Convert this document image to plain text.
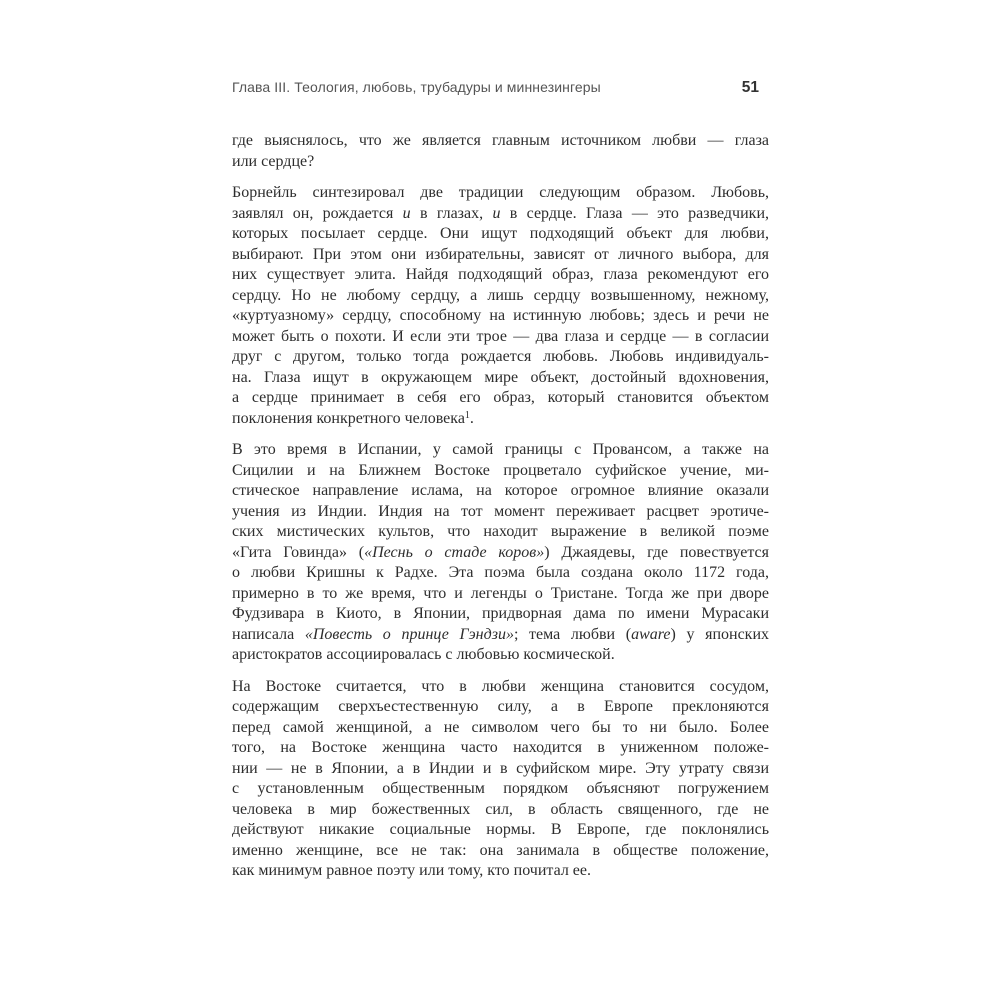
Глава III. Теология, любовь, трубадуры и миннезингеры	51

где выяснялось, что же является главным источником любви — глаза
или сердце?

Борнейль синтезировал две традиции следующим образом. Любовь,
заявлял он, рождается и в глазах, и в сердце. Глаза — это разведчики,
которых посылает сердце. Они ищут подходящий объект для любви,
выбирают. При этом они избирательны, зависят от личного выбора, для
них существует элита. Найдя подходящий образ, глаза рекомендуют его
сердцу. Но не любому сердцу, а лишь сердцу возвышенному, нежному,
«куртуазному» сердцу, способному на истинную любовь; здесь и речи не
может быть о похоти. И если эти трое — два глаза и сердце — в согласии
друг с другом, только тогда рождается любовь. Любовь индивидуаль-
на. Глаза ищут в окружающем мире объект, достойный вдохновения,
а сердце принимает в себя его образ, который становится объектом
поклонения конкретного человека$^1$.

В это время в Испании, у самой границы с Провансом, а также на
Сицилии и на Ближнем Востоке процветало суфийское учение, ми-
стическое направление ислама, на которое огромное влияние оказали
учения из Индии. Индия на тот момент переживает расцвет эротиче-
ских мистических культов, что находит выражение в великой поэме
«Гита Говинда» («Песнь о стаде коров») Джаядевы, где повествуется
о любви Кришны к Радхе. Эта поэма была создана около 1172 года,
примерно в то же время, что и легенды о Тристане. Тогда же при дворе
Фудзивара в Киото, в Японии, придворная дама по имени Мурасаки
написала «Повесть о принце Гэндзи»; тема любви (aware) у японских
аристократов ассоциировалась с любовью космической.

На Востоке считается, что в любви женщина становится сосудом,
содержащим сверхъестественную силу, а в Европе преклоняются
перед самой женщиной, а не символом чего бы то ни было. Более
того, на Востоке женщина часто находится в униженном положе-
нии — не в Японии, а в Индии и в суфийском мире. Эту утрату связи
с установленным общественным порядком объясняют погружением
человека в мир божественных сил, в область священного, где не
действуют никакие социальные нормы. В Европе, где поклонялись
именно женщине, все не так: она занимала в обществе положение,
как минимум равное поэту или тому, кто почитал ее.
